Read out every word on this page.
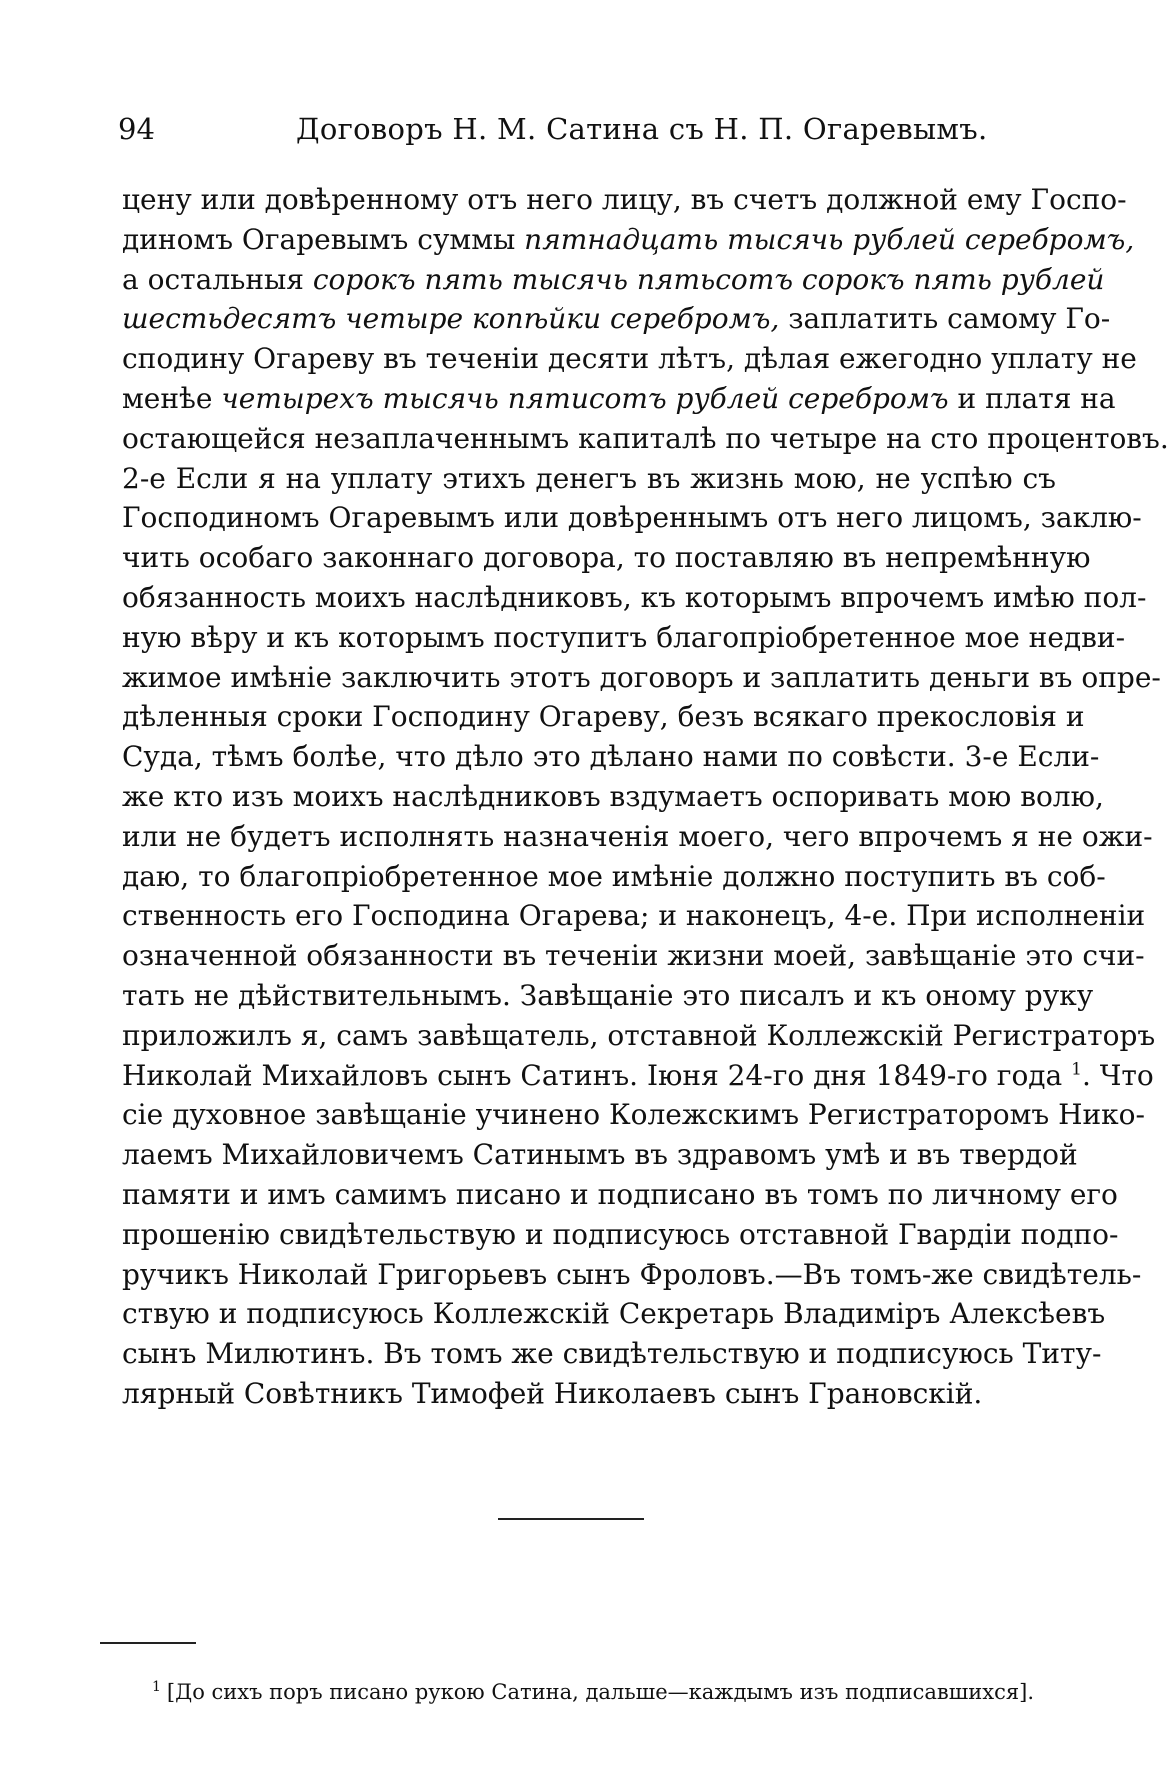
94	Договоръ Н. М. Сатина съ Н. П. Огаревымъ.
цену или довѣренному отъ него лицу, въ счетъ должной ему Госпо-
диномъ Огаревымъ суммы пятнадцать тысячь рублей серебромъ,
а остальныя сорокъ пять тысячь пятьсотъ сорокъ пять рублей
шестьдесятъ четыре копѣйки серебромъ, заплатить самому Го-
сподину Огареву въ теченіи десяти лѣтъ, дѣлая ежегодно уплату не
менѣе четырехъ тысячь пятисотъ рублей серебромъ и платя на
остающейся незаплаченнымъ капиталѣ по четыре на сто процентовъ.
2-е Если я на уплату этихъ денегъ въ жизнь мою, не успѣю съ
Господиномъ Огаревымъ или довѣреннымъ отъ него лицомъ, заклю-
чить особаго законнаго договора, то поставляю въ непремѣнную
обязанность моихъ наслѣдниковъ, къ которымъ впрочемъ имѣю пол-
ную вѣру и къ которымъ поступитъ благопріобретенное мое недви-
жимое имѣніе заключить этотъ договоръ и заплатить деньги въ опре-
дѣленныя сроки Господину Огареву, безъ всякаго прекословія и
Суда, тѣмъ болѣе, что дѣло это дѣлано нами по совѣсти. 3-е Если-
же кто изъ моихъ наслѣдниковъ вздумаетъ оспоривать мою волю,
или не будетъ исполнять назначенія моего, чего впрочемъ я не ожи-
даю, то благопріобретенное мое имѣніе должно поступить въ соб-
ственность его Господина Огарева; и наконецъ, 4-е. При исполненіи
означенной обязанности въ теченіи жизни моей, завѣщаніе это счи-
тать не дѣйствительнымъ. Завѣщаніе это писалъ и къ оному руку
приложилъ я, самъ завѣщатель, отставной Коллежскій Регистраторъ
Николай Михайловъ сынъ Сатинъ. Іюня 24-го дня 1849-го года $^1$. Что
сіе духовное завѣщаніе учинено Колежскимъ Регистраторомъ Нико-
лаемъ Михайловичемъ Сатинымъ въ здравомъ умѣ и въ твердой
памяти и имъ самимъ писано и подписано въ томъ по личному его
прошенію свидѣтельствую и подписуюсь отставной Гвардіи подпо-
ручикъ Николай Григорьевъ сынъ Фроловъ.—Въ томъ-же свидѣтель-
ствую и подписуюсь Коллежскій Секретарь Владиміръ Алексѣевъ
сынъ Милютинъ. Въ томъ же свидѣтельствую и подписуюсь Титу-
лярный Совѣтникъ Тимофей Николаевъ сынъ Грановскій.
$^1$ [До сихъ поръ писано рукою Сатина, дальше—каждымъ изъ подписавшихся].
